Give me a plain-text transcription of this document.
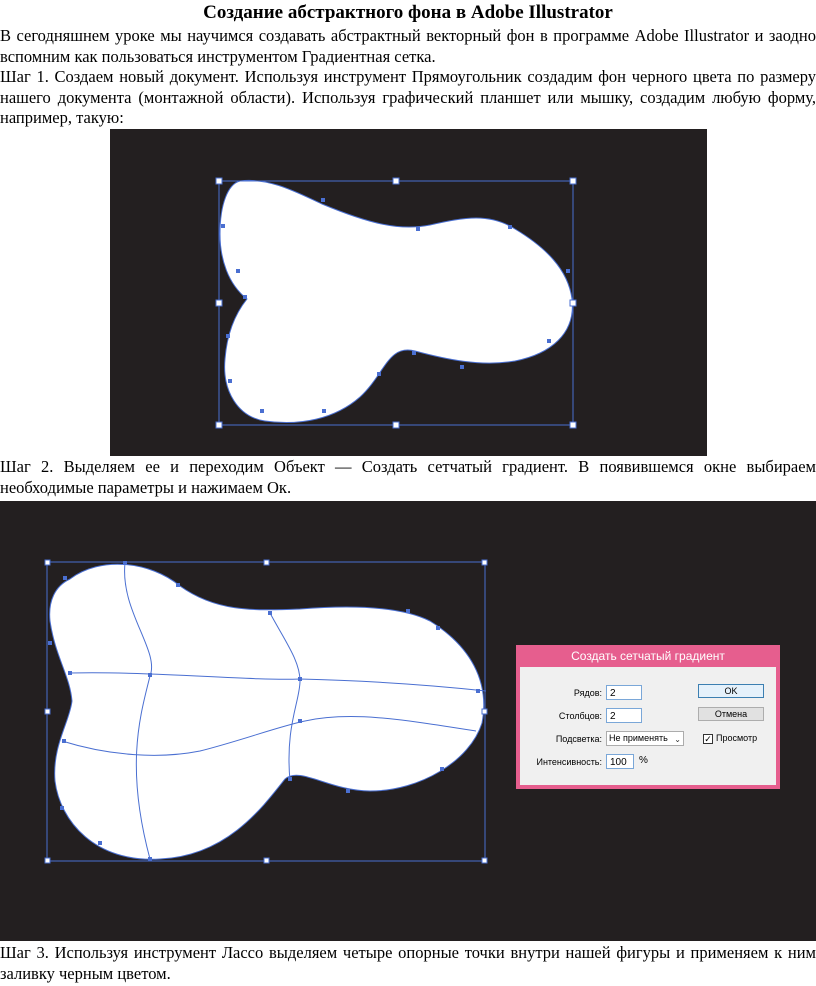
Создание абстрактного фона в Adobe Illustrator

В сегодняшнем уроке мы научимся создавать абстрактный векторный фон в программе Adobe Illustrator и заодно вспомним как пользоваться инструментом Градиентная сетка.

Шаг 1. Создаем новый документ. Используя инструмент Прямоугольник создадим фон черного цвета по размеру нашего документа (монтажной области). Используя графический планшет или мышку, создадим любую форму, например, такую:

Шаг 2. Выделяем ее и переходим Объект — Создать сетчатый градиент. В появившемся окне выбираем необходимые параметры и нажимаем Ок.

Создать сетчатый градиент
Рядов: 2
Столбцов: 2
Подсветка: Не применять ⌄
Интенсивность: 100	%
OK
Отмена
✓ Просмотр

Шаг 3. Используя инструмент Лассо выделяем четыре опорные точки внутри нашей фигуры и применяем к ним заливку черным цветом.
